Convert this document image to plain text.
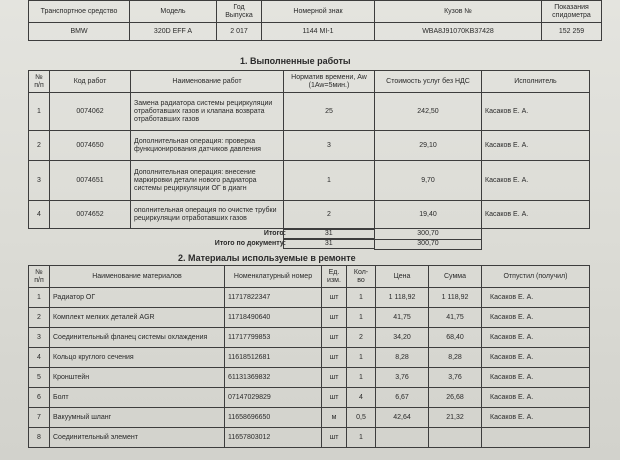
Транспортное средство	Модель	Год Выпуска	Номерной знак	Кузов №	Показания спидометра
BMW	320D EFF A	2 017	1144 МІ-1	WBA8J91070KB37428	152 259
1. Выполненные работы
№ п/п	Код работ	Наименование работ	Норматив времени, Aw (1Aw=5мин.)	Стоимость услуг без НДС	Исполнитель
1	0074062	Замена радиатора системы рециркуляции отработавших газов и клапана возврата отработавших газов	25	242,50	Касаков Е. А.
2	0074650	Дополнительная операция: проверка функционирования датчиков давления	3	29,10	Касаков Е. А.
3	0074651	Дополнительная операция: внесение маркировки детали нового радиатора системы рециркуляции ОГ в диагн	1	9,70	Касаков Е. А.
4	0074652	ополнительная операция по очистке трубки рециркуляции отработавших газов	2	19,40	Касаков Е. А.

			Итого: 31	300,70	

			Итого по документу: 31	300,70	
2. Материалы используемые в ремонте
№ п/п	Наименование материалов	Номенклатурный номер	Ед. изм.	Кол- во	Цена	Сумма	Отпустил (получил)
1	Радиатор ОГ	11717822347	шт	1	1 118,92	1 118,92	Касаков Е. А.
2	Комплект мелких деталей AGR	11718490640	шт	1	41,75	41,75	Касаков Е. А.
3	Соединительный фланец системы охлаждения	11717799853	шт	2	34,20	68,40	Касаков Е. А.
4	Кольцо круглого сечения	11618512681	шт	1	8,28	8,28	Касаков Е. А.
5	Кронштейн	61131369832	шт	1	3,76	3,76	Касаков Е. А.
6	Болт	07147029829	шт	4	6,67	26,68	Касаков Е. А.
7	Вакуумный шланг	11658696650	м	0,5	42,64	21,32	Касаков Е. А.
8	Соединительный элемент	11657803012	шт	1			
